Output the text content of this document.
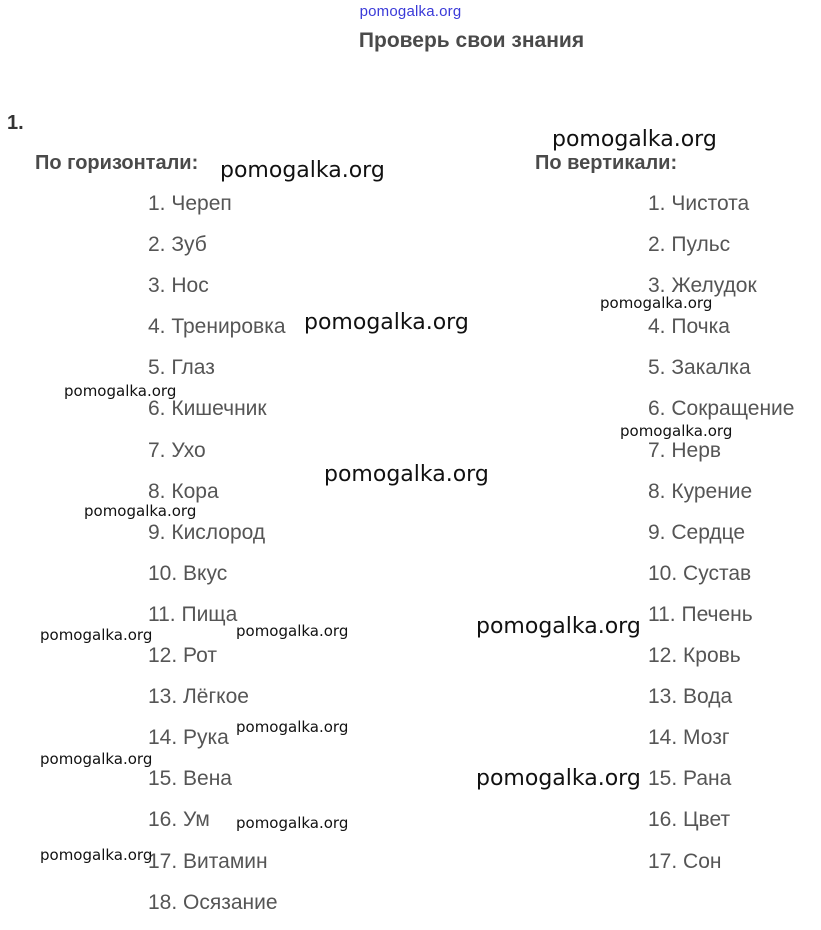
pomogalka.org
Проверь свои знания
1.
По горизонтали:	По вертикали:
1. Череп
2. Зуб
3. Нос
4. Тренировка
5. Глаз
6. Кишечник
7. Ухо
8. Кора
9. Кислород
10. Вкус
11. Пища
12. Рот
13. Лёгкое
14. Рука
15. Вена
16. Ум
17. Витамин
18. Осязание
1. Чистота
2. Пульс
3. Желудок
4. Почка
5. Закалка
6. Сокращение
7. Нерв
8. Курение
9. Сердце
10. Сустав
11. Печень
12. Кровь
13. Вода
14. Мозг
15. Рана
16. Цвет
17. Сон
pomogalka.org
pomogalka.org
pomogalka.org
pomogalka.org
pomogalka.org
pomogalka.org
pomogalka.org
pomogalka.org
pomogalka.org
pomogalka.org
pomogalka.org
pomogalka.org
pomogalka.org
pomogalka.org
pomogalka.org
pomogalka.org
